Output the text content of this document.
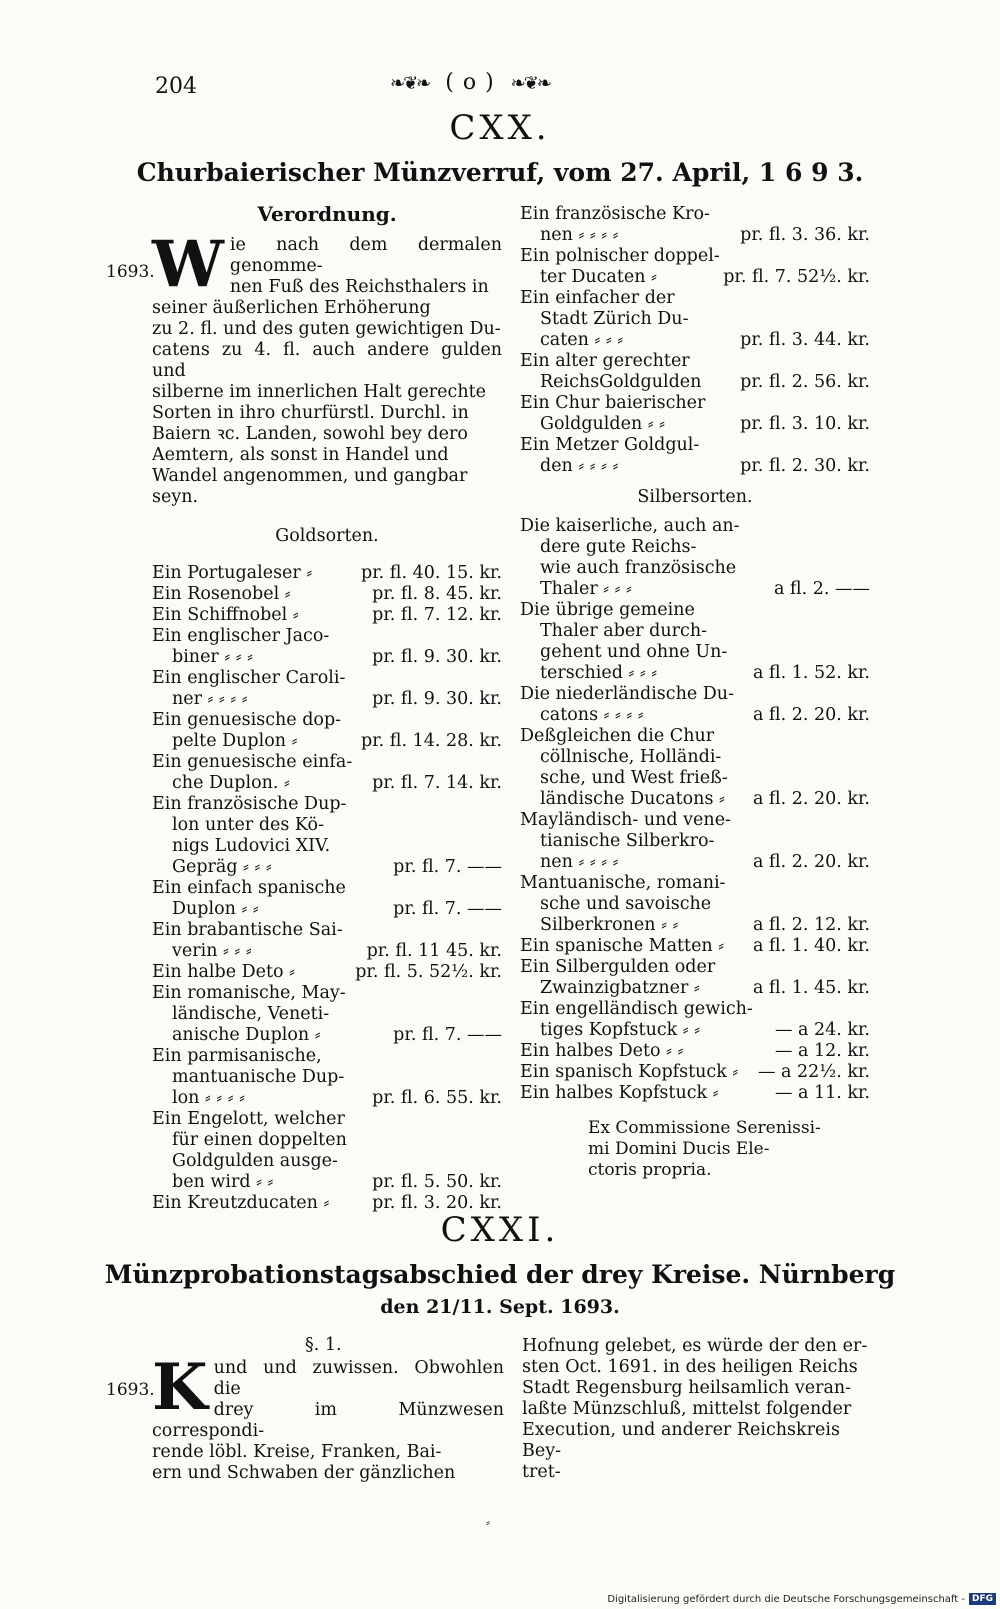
204	❧❦❧ ( o ) ❧❦❧
CXX.
Churbaierischer Münzverruf, vom 27. April, 1 6 9 3.
1693.
Verordnung.
W ie nach dem dermalen genomme-
nen Fuß des Reichsthalers in
seiner äußerlichen Erhöherung
zu 2. fl. und des guten gewichtigen Du-
catens zu 4. fl. auch andere gulden und
silberne im innerlichen Halt gerechte
Sorten in ihro churfürstl. Durchl. in
Baiern ꝛc. Landen, sowohl bey dero
Aemtern, als sonst in Handel und
Wandel angenommen, und gangbar
seyn.
Goldsorten.
Ein Portugaleser ⸗	pr. fl. 40. 15. kr.
Ein Rosenobel ⸗	pr. fl. 8. 45. kr.
Ein Schiffnobel ⸗	pr. fl. 7. 12. kr.
Ein englischer Jaco-
biner ⸗ ⸗ ⸗	pr. fl. 9. 30. kr.
Ein englischer Caroli-
ner ⸗ ⸗ ⸗ ⸗	pr. fl. 9. 30. kr.
Ein genuesische dop-
pelte Duplon ⸗	pr. fl. 14. 28. kr.
Ein genuesische einfa-
che Duplon. ⸗	pr. fl. 7. 14. kr.
Ein französische Dup-
lon unter des Kö-
nigs Ludovici XIV.
Gepräg ⸗ ⸗ ⸗	pr. fl. 7. ——
Ein einfach spanische
Duplon ⸗ ⸗	pr. fl. 7. ——
Ein brabantische Sai-
verin ⸗ ⸗ ⸗	pr. fl. 11 45. kr.
Ein halbe Deto ⸗	pr. fl. 5. 52½. kr.
Ein romanische, May-
ländische, Veneti-
anische Duplon ⸗	pr. fl. 7. ——
Ein parmisanische,
mantuanische Dup-
lon ⸗ ⸗ ⸗ ⸗	pr. fl. 6. 55. kr.
Ein Engelott, welcher
für einen doppelten
Goldgulden ausge-
ben wird ⸗ ⸗	pr. fl. 5. 50. kr.
Ein Kreutzducaten ⸗	pr. fl. 3. 20. kr.
Ein französische Kro-
nen ⸗ ⸗ ⸗ ⸗	pr. fl. 3. 36. kr.
Ein polnischer doppel-
ter Ducaten ⸗	pr. fl. 7. 52½. kr.
Ein einfacher der
Stadt Zürich Du-
caten ⸗ ⸗ ⸗	pr. fl. 3. 44. kr.
Ein alter gerechter
ReichsGoldgulden	pr. fl. 2. 56. kr.
Ein Chur baierischer
Goldgulden ⸗ ⸗	pr. fl. 3. 10. kr.
Ein Metzer Goldgul-
den ⸗ ⸗ ⸗ ⸗	pr. fl. 2. 30. kr.
Silbersorten.
Die kaiserliche, auch an-
dere gute Reichs-
wie auch französische
Thaler ⸗ ⸗ ⸗	a fl. 2. ——
Die übrige gemeine
Thaler aber durch-
gehent und ohne Un-
terschied ⸗ ⸗ ⸗	a fl. 1. 52. kr.
Die niederländische Du-
catons ⸗ ⸗ ⸗ ⸗	a fl. 2. 20. kr.
Deßgleichen die Chur
cöllnische, Holländi-
sche, und West frieß-
ländische Ducatons ⸗	a fl. 2. 20. kr.
Mayländisch- und vene-
tianische Silberkro-
nen ⸗ ⸗ ⸗ ⸗	a fl. 2. 20. kr.
Mantuanische, romani-
sche und savoische
Silberkronen ⸗ ⸗	a fl. 2. 12. kr.
Ein spanische Matten ⸗	a fl. 1. 40. kr.
Ein Silbergulden oder
Zwainzigbatzner ⸗	a fl. 1. 45. kr.
Ein engelländisch gewich-
tiges Kopfstuck ⸗ ⸗	— a 24. kr.
Ein halbes Deto ⸗ ⸗	— a 12. kr.
Ein spanisch Kopfstuck ⸗	— a 22½. kr.
Ein halbes Kopfstuck ⸗	— a 11. kr.
Ex Commissione Serenissi-
mi Domini Ducis Ele-
ctoris propria.
CXXI.
Münzprobationstagsabschied der drey Kreise. Nürnberg
den 21/11. Sept. 1693.
§. 1.
1693.
K und und zuwissen. Obwohlen die
drey im Münzwesen correspondi-
rende löbl. Kreise, Franken, Bai-
ern und Schwaben der gänzlichen
Hofnung gelebet, es würde der den er-
sten Oct. 1691. in des heiligen Reichs
Stadt Regensburg heilsamlich veran-
laßte Münzschluß, mittelst folgender
Execution, und anderer Reichskreis Bey-
tret-
⸗
Digitalisierung gefördert durch die Deutsche Forschungsgemeinschaft - DFG
